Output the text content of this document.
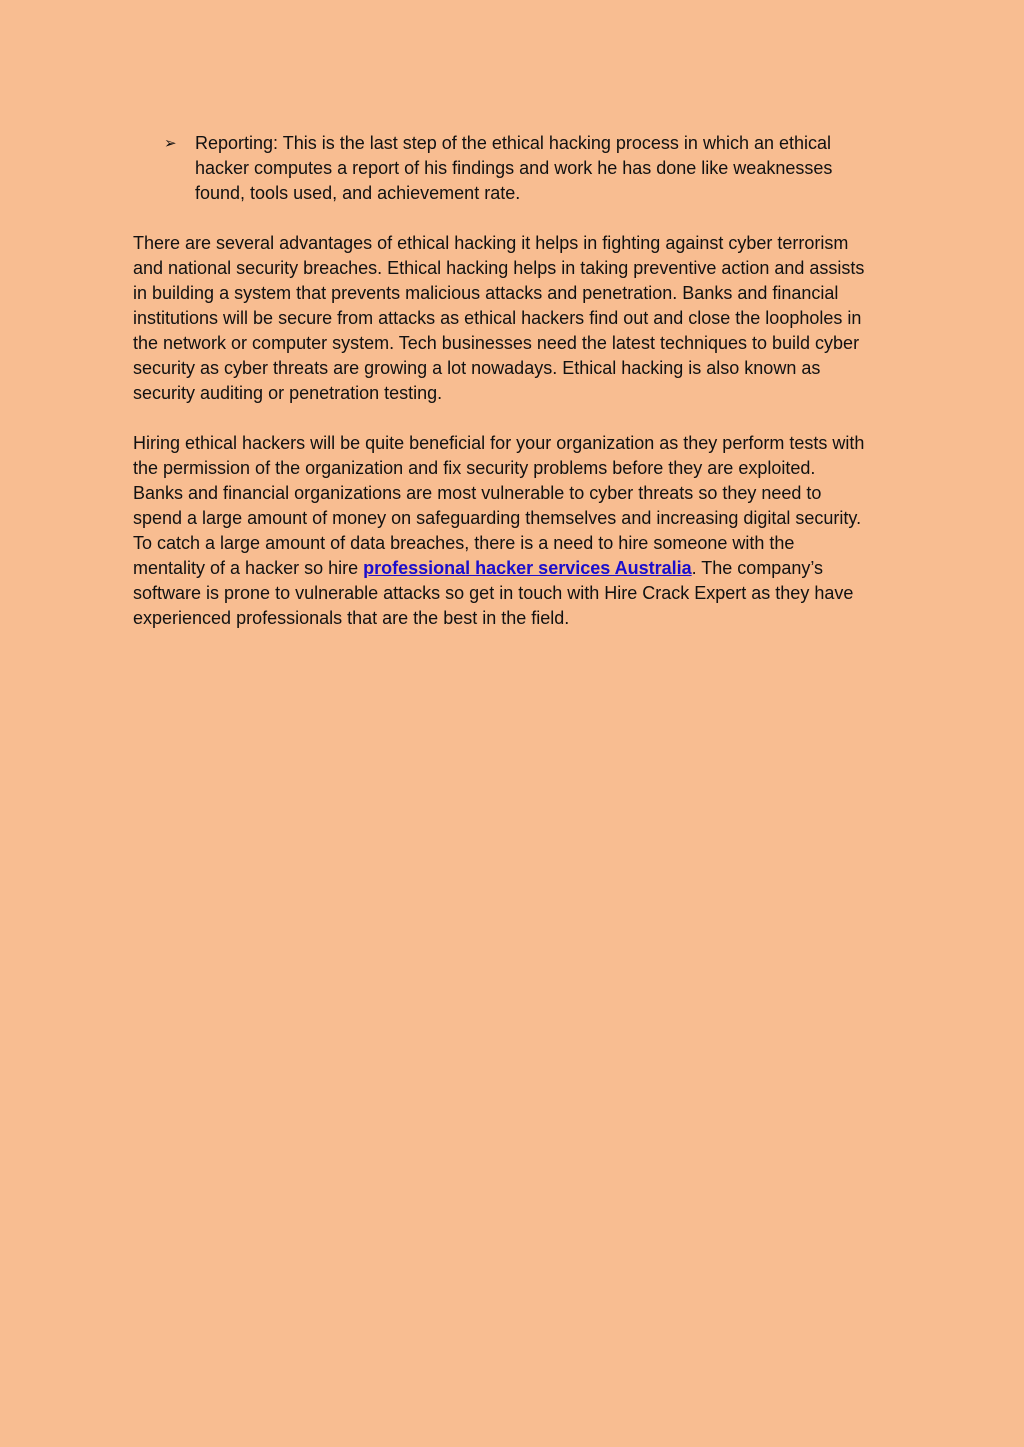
➢	Reporting: This is the last step of the ethical hacking process in which an ethical hacker computes a report of his findings and work he has done like weaknesses found, tools used, and achievement rate.

There are several advantages of ethical hacking it helps in fighting against cyber terrorism and national security breaches. Ethical hacking helps in taking preventive action and assists in building a system that prevents malicious attacks and penetration. Banks and financial institutions will be secure from attacks as ethical hackers find out and close the loopholes in the network or computer system. Tech businesses need the latest techniques to build cyber security as cyber threats are growing a lot nowadays. Ethical hacking is also known as security auditing or penetration testing.

Hiring ethical hackers will be quite beneficial for your organization as they perform tests with the permission of the organization and fix security problems before they are exploited. Banks and financial organizations are most vulnerable to cyber threats so they need to spend a large amount of money on safeguarding themselves and increasing digital security. To catch a large amount of data breaches, there is a need to hire someone with the mentality of a hacker so hire professional hacker services Australia. The company’s software is prone to vulnerable attacks so get in touch with Hire Crack Expert as they have experienced professionals that are the best in the field.
